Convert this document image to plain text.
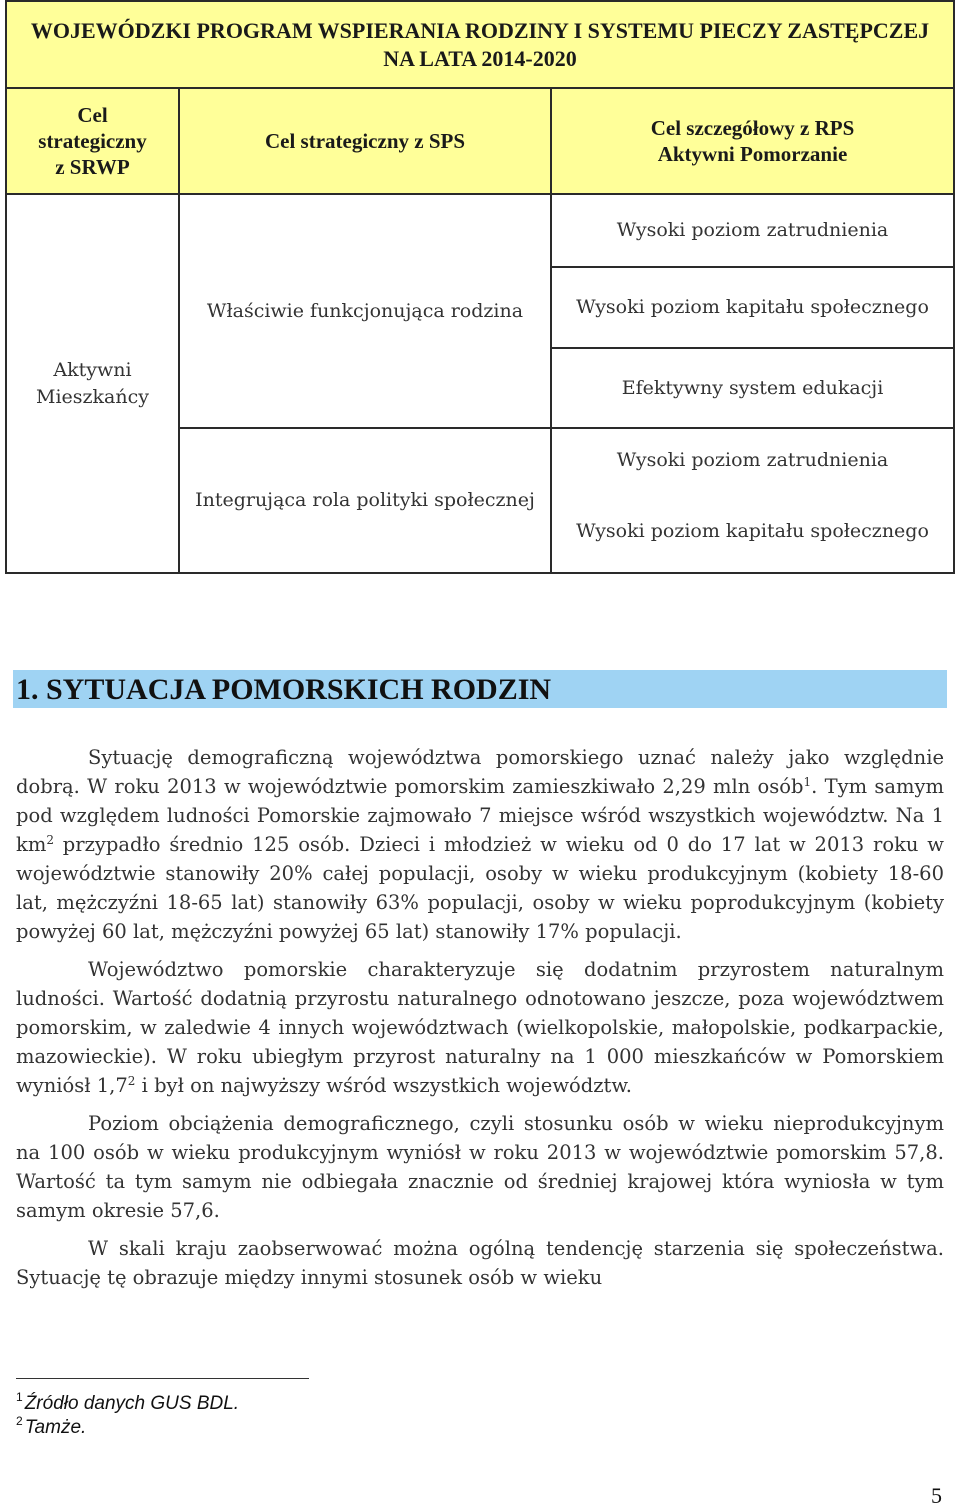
WOJEWÓDZKI PROGRAM WSPIERANIA RODZINY I SYSTEMU PIECZY ZASTĘPCZEJ
NA LATA 2014-2020
Cel
strategiczny
z SRWP
Cel strategiczny z SPS
Cel szczegółowy z RPS
Aktywni Pomorzanie
Aktywni
Mieszkańcy
Właściwie funkcjonująca rodzina
Integrująca rola polityki społecznej
Wysoki poziom zatrudnienia
Wysoki poziom kapitału społecznego
Efektywny system edukacji
Wysoki poziom zatrudnienia
Wysoki poziom kapitału społecznego
1. SYTUACJA POMORSKICH RODZIN

Sytuację demograficzną województwa pomorskiego uznać należy jako względnie dobrą. W roku 2013 w województwie pomorskim zamieszkiwało 2,29 mln osób$^1$. Tym samym pod względem ludności Pomorskie zajmowało 7 miejsce wśród wszystkich województw. Na 1 $km^2$ przypadło średnio 125 osób. Dzieci i młodzież w wieku od 0 do 17 lat w 2013 roku w województwie stanowiły 20% całej populacji, osoby w wieku produkcyjnym (kobiety 18-60 lat, mężczyźni 18-65 lat) stanowiły 63% populacji, osoby w wieku poprodukcyjnym (kobiety powyżej 60 lat, mężczyźni powyżej 65 lat) stanowiły 17% populacji.

Województwo pomorskie charakteryzuje się dodatnim przyrostem naturalnym ludności. Wartość dodatnią przyrostu naturalnego odnotowano jeszcze, poza województwem pomorskim, w zaledwie 4 innych województwach (wielkopolskie, małopolskie, podkarpackie, mazowieckie). W roku ubiegłym przyrost naturalny na 1 000 mieszkańców w Pomorskiem wyniósł $1,7^2$ i był on najwyższy wśród wszystkich województw.

Poziom obciążenia demograficznego, czyli stosunku osób w wieku nieprodukcyjnym na 100 osób w wieku produkcyjnym wyniósł w roku 2013 w województwie pomorskim 57,8. Wartość ta tym samym nie odbiegała znacznie od średniej krajowej która wyniosła w tym samym okresie 57,6.

W skali kraju zaobserwować można ogólną tendencję starzenia się społeczeństwa. Sytuację tę obrazuje między innymi stosunek osób w wieku

$^1$ Źródło danych GUS BDL.
$^2$ Tamże.
5
